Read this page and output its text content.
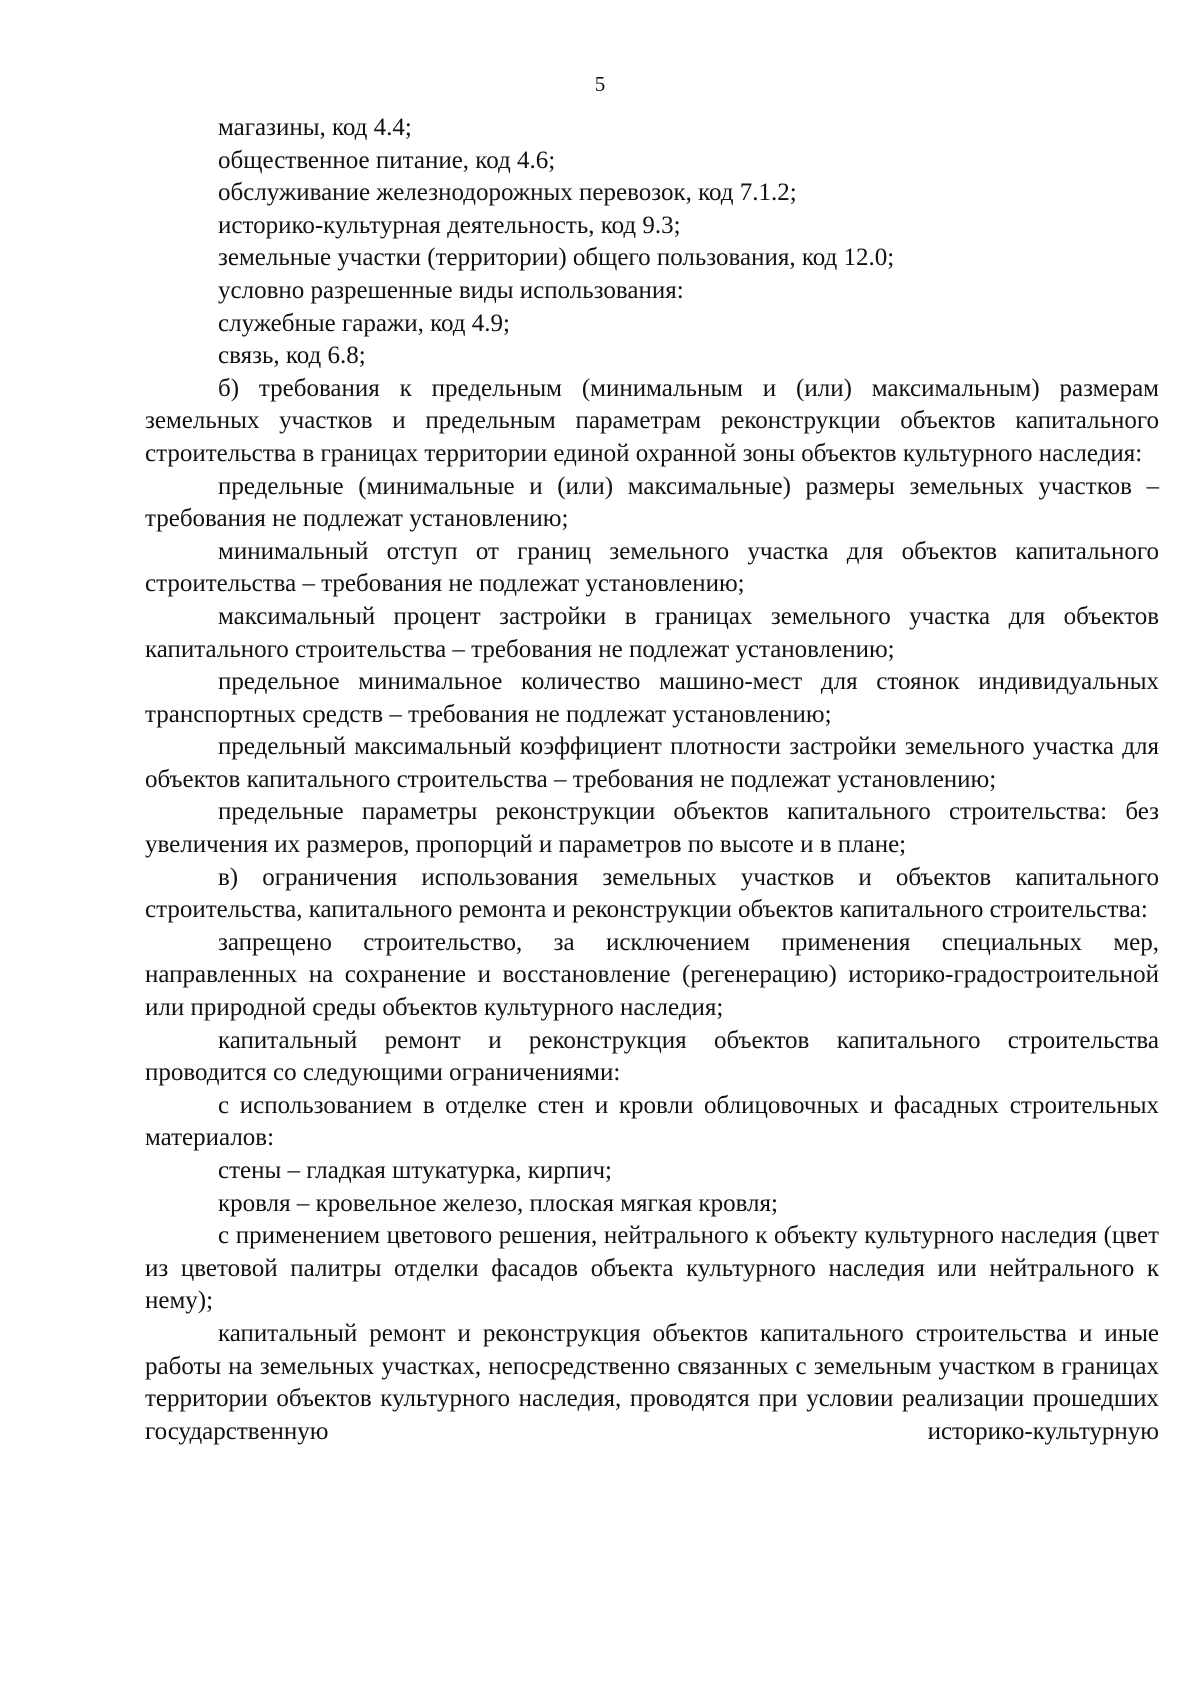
5

магазины, код 4.4;

общественное питание, код 4.6;

обслуживание железнодорожных перевозок, код 7.1.2;

историко-культурная деятельность, код 9.3;

земельные участки (территории) общего пользования, код 12.0;

условно разрешенные виды использования:

служебные гаражи, код 4.9;

связь, код 6.8;

б) требования к предельным (минимальным и (или) максимальным) размерам земельных участков и предельным параметрам реконструкции объектов капитального строительства в границах территории единой охранной зоны объектов культурного наследия:

предельные (минимальные и (или) максимальные) размеры земельных участков – требования не подлежат установлению;

минимальный отступ от границ земельного участка для объектов капитального строительства – требования не подлежат установлению;

максимальный процент застройки в границах земельного участка для объектов капитального строительства – требования не подлежат установлению;

предельное минимальное количество машино-мест для стоянок индивидуальных транспортных средств – требования не подлежат установлению;

предельный максимальный коэффициент плотности застройки земельного участка для объектов капитального строительства – требования не подлежат установлению;

предельные параметры реконструкции объектов капитального строительства: без увеличения их размеров, пропорций и параметров по высоте и в плане;

в) ограничения использования земельных участков и объектов капитального строительства, капитального ремонта и реконструкции объектов капитального строительства:

запрещено строительство, за исключением применения специальных мер, направленных на сохранение и восстановление (регенерацию) историко-градостроительной или природной среды объектов культурного наследия;

капитальный ремонт и реконструкция объектов капитального строительства проводится со следующими ограничениями:

с использованием в отделке стен и кровли облицовочных и фасадных строительных материалов:

стены – гладкая штукатурка, кирпич;

кровля – кровельное железо, плоская мягкая кровля;

с применением цветового решения, нейтрального к объекту культурного наследия (цвет из цветовой палитры отделки фасадов объекта культурного наследия или нейтрального к нему);

капитальный ремонт и реконструкция объектов капитального строительства и иные работы на земельных участках, непосредственно связанных с земельным участком в границах территории объектов культурного наследия, проводятся при условии реализации прошедших государственную историко-культурную
